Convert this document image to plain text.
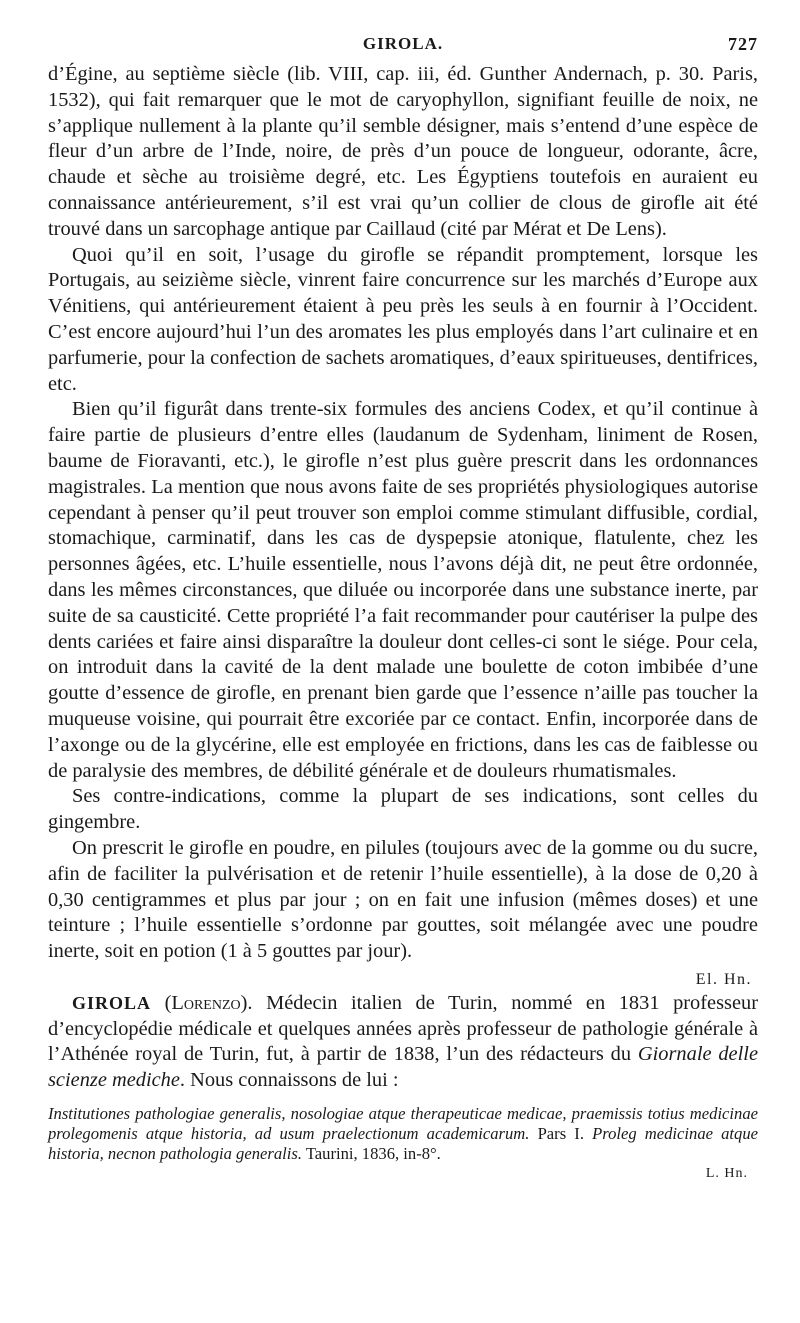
GIROLA.	727

d’Égine, au septième siècle (lib. VIII, cap. iii, éd. Gunther Andernach, p. 30. Paris, 1532), qui fait remarquer que le mot de caryophyllon, signifiant feuille de noix, ne s’applique nullement à la plante qu’il semble désigner, mais s’entend d’une espèce de fleur d’un arbre de l’Inde, noire, de près d’un pouce de longueur, odorante, âcre, chaude et sèche au troisième degré, etc. Les Égyptiens toutefois en auraient eu connaissance antérieurement, s’il est vrai qu’un collier de clous de girofle ait été trouvé dans un sarcophage antique par Caillaud (cité par Mérat et De Lens).

Quoi qu’il en soit, l’usage du girofle se répandit promptement, lorsque les Portugais, au seizième siècle, vinrent faire concurrence sur les marchés d’Europe aux Vénitiens, qui antérieurement étaient à peu près les seuls à en fournir à l’Occident. C’est encore aujourd’hui l’un des aromates les plus employés dans l’art culinaire et en parfumerie, pour la confection de sachets aromatiques, d’eaux spiritueuses, dentifrices, etc.

Bien qu’il figurât dans trente-six formules des anciens Codex, et qu’il continue à faire partie de plusieurs d’entre elles (laudanum de Sydenham, liniment de Rosen, baume de Fioravanti, etc.), le girofle n’est plus guère prescrit dans les ordonnances magistrales. La mention que nous avons faite de ses propriétés physiologiques autorise cependant à penser qu’il peut trouver son emploi comme stimulant diffusible, cordial, stomachique, carminatif, dans les cas de dyspepsie atonique, flatulente, chez les personnes âgées, etc. L’huile essentielle, nous l’avons déjà dit, ne peut être ordonnée, dans les mêmes circonstances, que diluée ou incorporée dans une substance inerte, par suite de sa causticité. Cette propriété l’a fait recommander pour cautériser la pulpe des dents cariées et faire ainsi disparaître la douleur dont celles-ci sont le siége. Pour cela, on introduit dans la cavité de la dent malade une boulette de coton imbibée d’une goutte d’essence de girofle, en prenant bien garde que l’essence n’aille pas toucher la muqueuse voisine, qui pourrait être excoriée par ce contact. Enfin, incorporée dans de l’axonge ou de la glycérine, elle est employée en frictions, dans les cas de faiblesse ou de paralysie des membres, de débilité générale et de douleurs rhumatismales.

Ses contre-indications, comme la plupart de ses indications, sont celles du gingembre.

On prescrit le girofle en poudre, en pilules (toujours avec de la gomme ou du sucre, afin de faciliter la pulvérisation et de retenir l’huile essentielle), à la dose de 0,20 à 0,30 centigrammes et plus par jour ; on en fait une infusion (mêmes doses) et une teinture ; l’huile essentielle s’ordonne par gouttes, soit mélangée avec une poudre inerte, soit en potion (1 à 5 gouttes par jour).

El. Hn.

GIROLA (Lorenzo). Médecin italien de Turin, nommé en 1831 professeur d’encyclopédie médicale et quelques années après professeur de pathologie générale à l’Athénée royal de Turin, fut, à partir de 1838, l’un des rédacteurs du Giornale delle scienze mediche. Nous connaissons de lui :

Institutiones pathologiae generalis, nosologiae atque therapeuticae medicae, praemissis totius medicinae prolegomenis atque historia, ad usum praelectionum academicarum. Pars I. Proleg medicinae atque historia, necnon pathologia generalis. Taurini, 1836, in-8°.
L. Hn.
